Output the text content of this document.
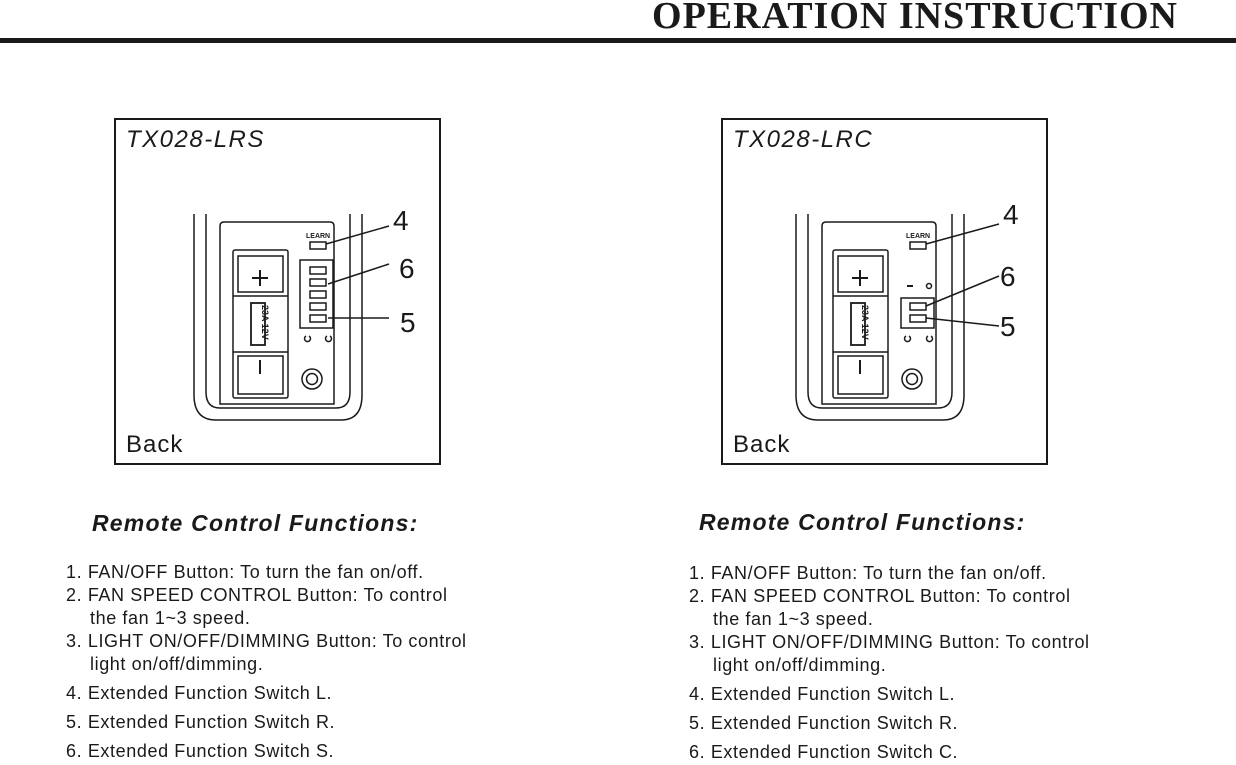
OPERATION INSTRUCTION
TX028-LRS
LEARN
23A 12V
4
6
5
Back
TX028-LRC
LEARN
23A 12V
4
6
5
Back
Remote Control Functions:
1. FAN/OFF Button: To turn the fan on/off.
2. FAN SPEED CONTROL Button: To control
the fan 1~3 speed.
3. LIGHT ON/OFF/DIMMING Button: To control
light on/off/dimming.
4. Extended Function Switch L.
5. Extended Function Switch R.
6. Extended Function Switch S.
Remote Control Functions:
1. FAN/OFF Button: To turn the fan on/off.
2. FAN SPEED CONTROL Button: To control
the fan 1~3 speed.
3. LIGHT ON/OFF/DIMMING Button: To control
light on/off/dimming.
4. Extended Function Switch L.
5. Extended Function Switch R.
6. Extended Function Switch C.
